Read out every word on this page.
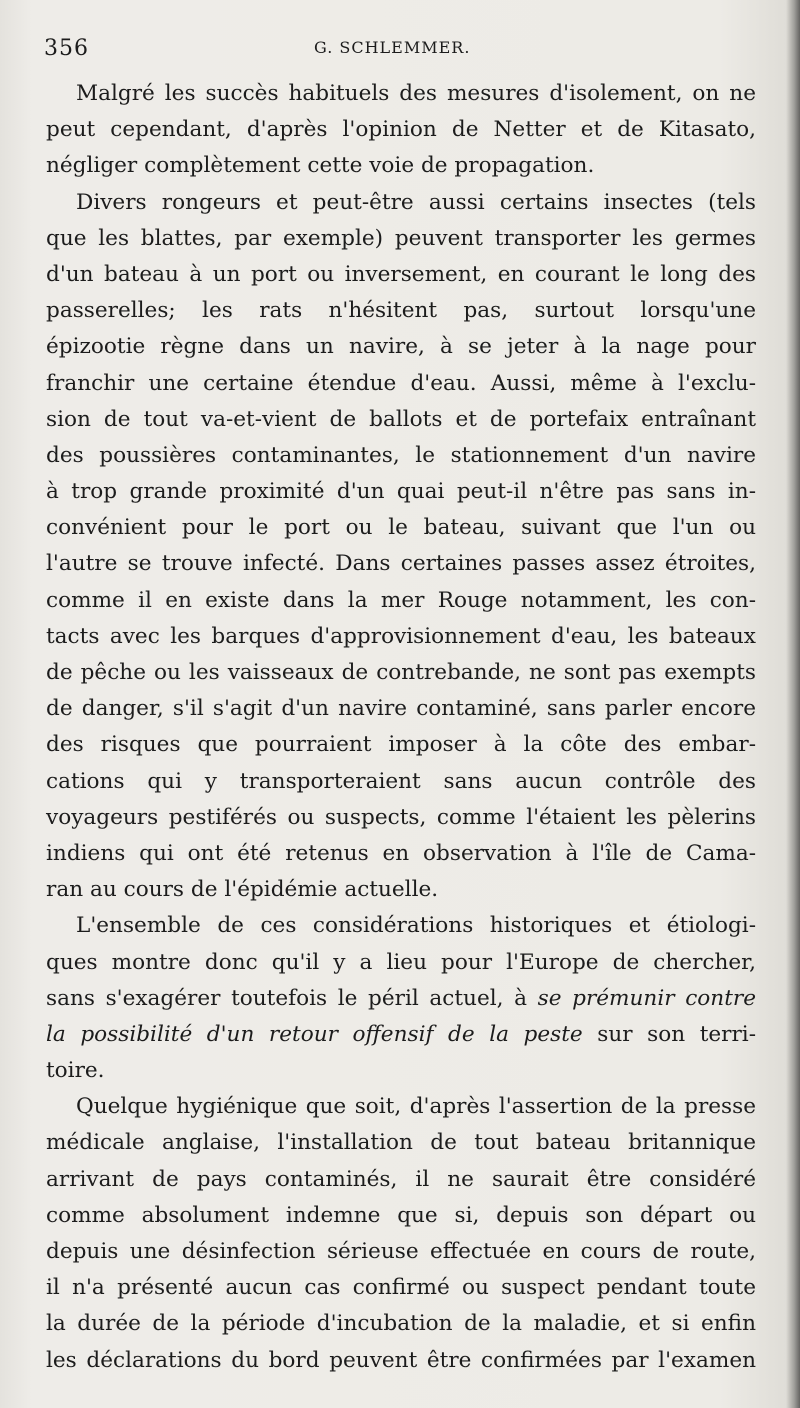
356	G. SCHLEMMER.
Malgré les succès habituels des mesures d'isolement, on ne
peut cependant, d'après l'opinion de Netter et de Kitasato,
négliger complètement cette voie de propagation.
Divers rongeurs et peut-être aussi certains insectes (tels
que les blattes, par exemple) peuvent transporter les germes
d'un bateau à un port ou inversement, en courant le long des
passerelles; les rats n'hésitent pas, surtout lorsqu'une
épizootie règne dans un navire, à se jeter à la nage pour
franchir une certaine étendue d'eau. Aussi, même à l'exclu-
sion de tout va-et-vient de ballots et de portefaix entraînant
des poussières contaminantes, le stationnement d'un navire
à trop grande proximité d'un quai peut-il n'être pas sans in-
convénient pour le port ou le bateau, suivant que l'un ou
l'autre se trouve infecté. Dans certaines passes assez étroites,
comme il en existe dans la mer Rouge notamment, les con-
tacts avec les barques d'approvisionnement d'eau, les bateaux
de pêche ou les vaisseaux de contrebande, ne sont pas exempts
de danger, s'il s'agit d'un navire contaminé, sans parler encore
des risques que pourraient imposer à la côte des embar-
cations qui y transporteraient sans aucun contrôle des
voyageurs pestiférés ou suspects, comme l'étaient les pèlerins
indiens qui ont été retenus en observation à l'île de Cama-
ran au cours de l'épidémie actuelle.
L'ensemble de ces considérations historiques et étiologi-
ques montre donc qu'il y a lieu pour l'Europe de chercher,
sans s'exagérer toutefois le péril actuel, à se prémunir contre
la possibilité d'un retour offensif de la peste sur son terri-
toire.
Quelque hygiénique que soit, d'après l'assertion de la presse
médicale anglaise, l'installation de tout bateau britannique
arrivant de pays contaminés, il ne saurait être considéré
comme absolument indemne que si, depuis son départ ou
depuis une désinfection sérieuse effectuée en cours de route,
il n'a présenté aucun cas confirmé ou suspect pendant toute
la durée de la période d'incubation de la maladie, et si enfin
les déclarations du bord peuvent être confirmées par l'examen
